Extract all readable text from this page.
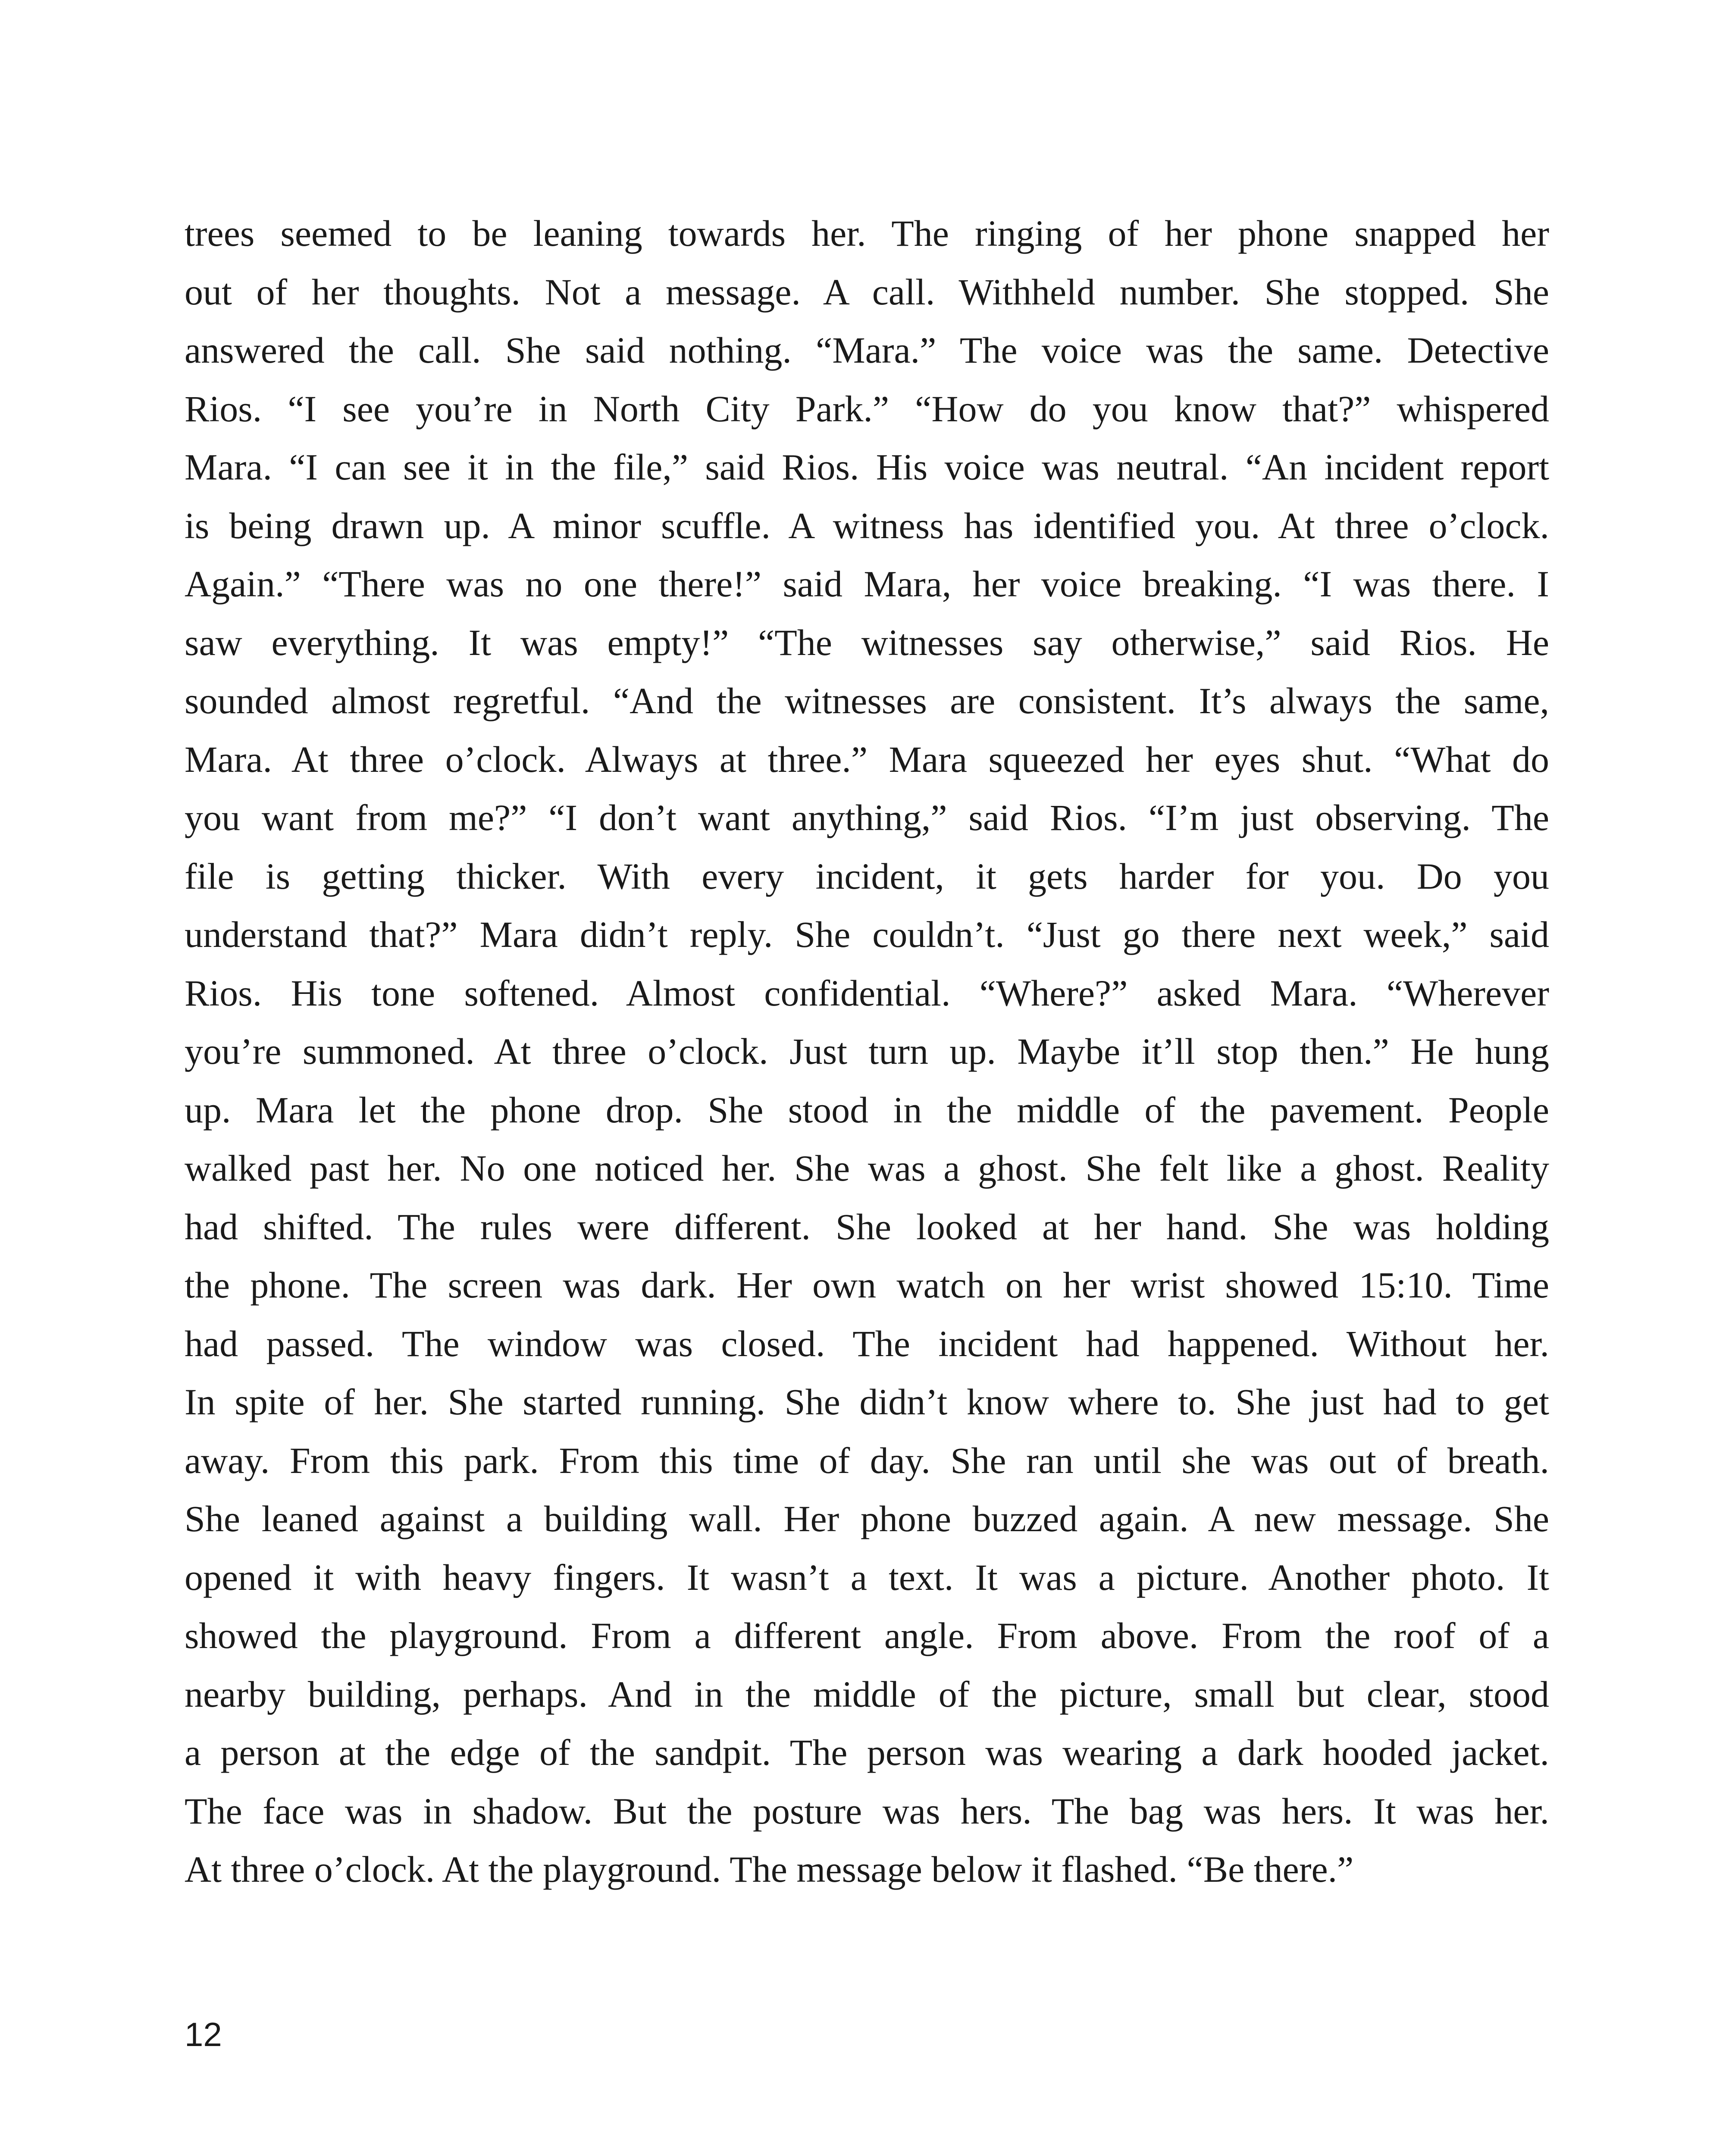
trees seemed to be leaning towards her. The ringing of her phone snapped her
out of her thoughts. Not a message. A call. Withheld number. She stopped. She
answered the call. She said nothing. “Mara.” The voice was the same. Detective
Rios. “I see you’re in North City Park.” “How do you know that?” whispered
Mara. “I can see it in the file,” said Rios. His voice was neutral. “An incident report
is being drawn up. A minor scuffle. A witness has identified you. At three o’clock.
Again.” “There was no one there!” said Mara, her voice breaking. “I was there. I
saw everything. It was empty!” “The witnesses say otherwise,” said Rios. He
sounded almost regretful. “And the witnesses are consistent. It’s always the same,
Mara. At three o’clock. Always at three.” Mara squeezed her eyes shut. “What do
you want from me?” “I don’t want anything,” said Rios. “I’m just observing. The
file is getting thicker. With every incident, it gets harder for you. Do you
understand that?” Mara didn’t reply. She couldn’t. “Just go there next week,” said
Rios. His tone softened. Almost confidential. “Where?” asked Mara. “Wherever
you’re summoned. At three o’clock. Just turn up. Maybe it’ll stop then.” He hung
up. Mara let the phone drop. She stood in the middle of the pavement. People
walked past her. No one noticed her. She was a ghost. She felt like a ghost. Reality
had shifted. The rules were different. She looked at her hand. She was holding
the phone. The screen was dark. Her own watch on her wrist showed 15:10. Time
had passed. The window was closed. The incident had happened. Without her.
In spite of her. She started running. She didn’t know where to. She just had to get
away. From this park. From this time of day. She ran until she was out of breath.
She leaned against a building wall. Her phone buzzed again. A new message. She
opened it with heavy fingers. It wasn’t a text. It was a picture. Another photo. It
showed the playground. From a different angle. From above. From the roof of a
nearby building, perhaps. And in the middle of the picture, small but clear, stood
a person at the edge of the sandpit. The person was wearing a dark hooded jacket.
The face was in shadow. But the posture was hers. The bag was hers. It was her.
At three o’clock. At the playground. The message below it flashed. “Be there.”
12
